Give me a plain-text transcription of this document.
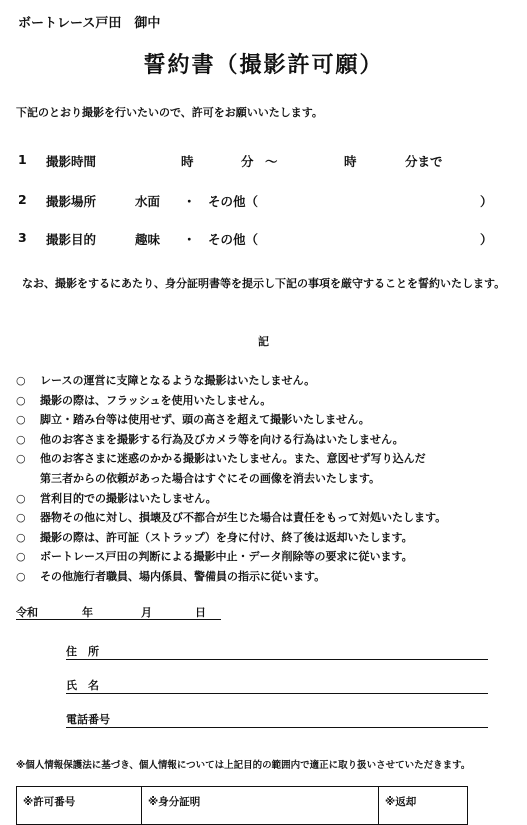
ボートレース戸田　御中
誓約書（撮影許可願）
下記のとおり撮影を行いたいので、許可をお願いいたします。
1 撮影時間	時	分 ～	時	分まで
2 撮影場所	水面 ・ その他（	）
3 撮影目的	趣味 ・ その他（	）
なお、撮影をするにあたり、身分証明書等を提示し下記の事項を厳守することを誓約いたします。
記
○ レースの運営に支障となるような撮影はいたしません。
○ 撮影の際は、フラッシュを使用いたしません。
○ 脚立・踏み台等は使用せず、頭の高さを超えて撮影いたしません。
○ 他のお客さまを撮影する行為及びカメラ等を向ける行為はいたしません。
○ 他のお客さまに迷惑のかかる撮影はいたしません。また、意図せず写り込んだ
第三者からの依頼があった場合はすぐにその画像を消去いたします。
○ 営利目的での撮影はいたしません。
○ 器物その他に対し、損壊及び不都合が生じた場合は責任をもって対処いたします。
○ 撮影の際は、許可証（ストラップ）を身に付け、終了後は返却いたします。
○ ボートレース戸田の判断による撮影中止・データ削除等の要求に従います。
○ その他施行者職員、場内係員、警備員の指示に従います。
令和	年	月	日
住　所
氏　名
電話番号
※個人情報保護法に基づき、個人情報については上記目的の範囲内で適正に取り扱いさせていただきます。
※許可番号	※身分証明	※返却
